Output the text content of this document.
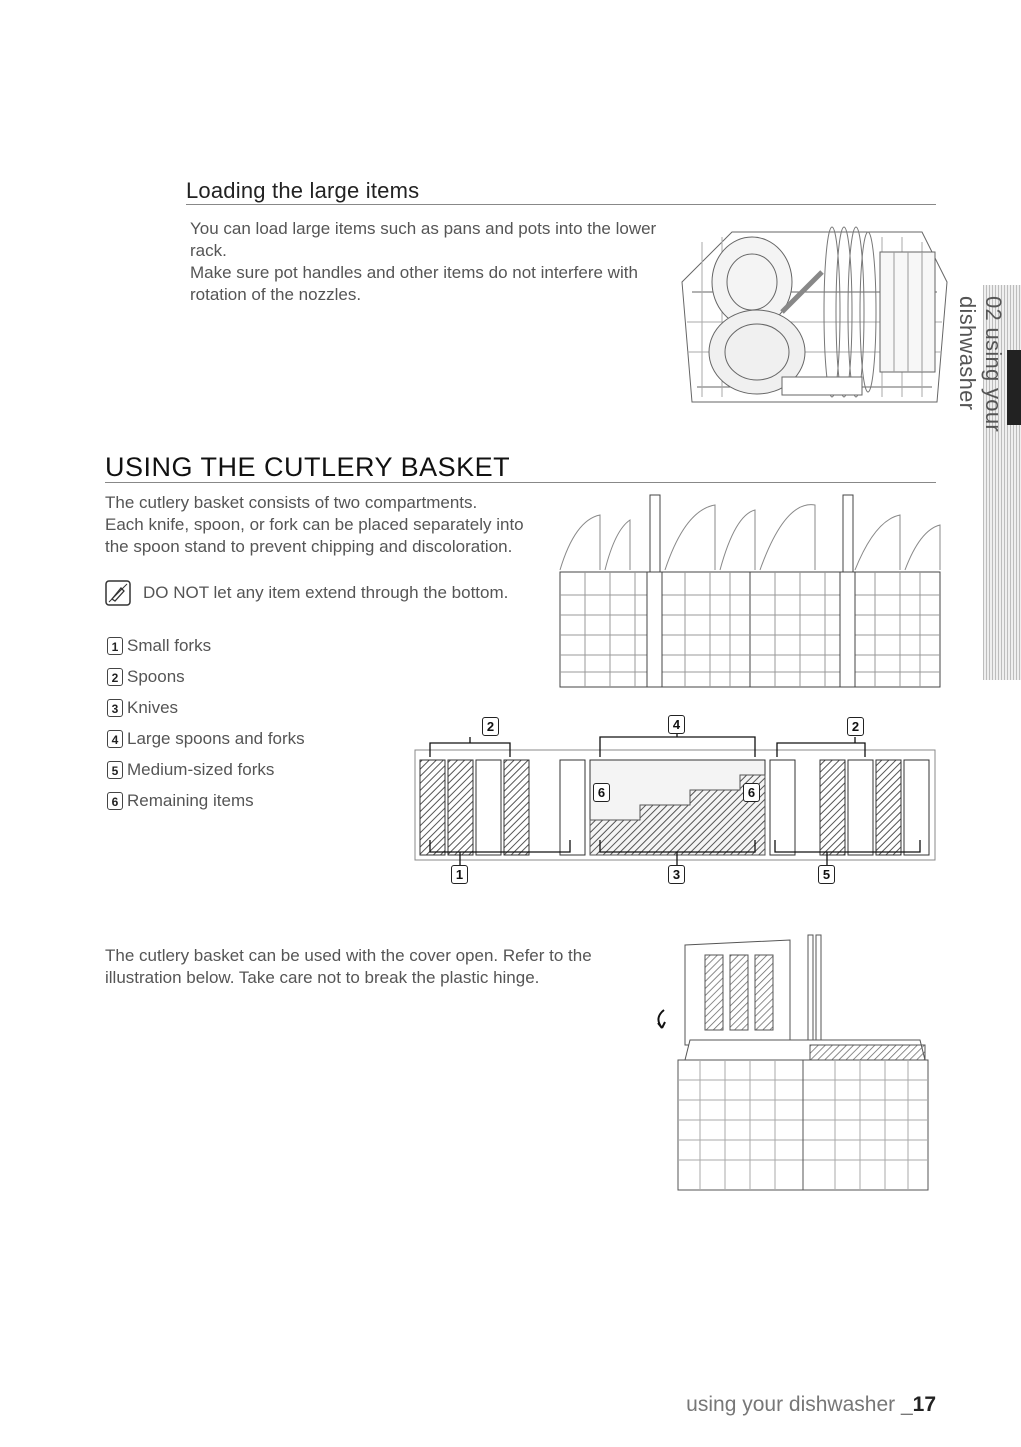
Loading the large items

You can load large items such as pans and pots into the lower

rack.

Make sure pot handles and other items do not interfere with

rotation of the nozzles.

USING THE CUTLERY BASKET

The cutlery basket consists of two compartments.

Each knife, spoon, or fork can be placed separately into

the spoon stand to prevent chipping and discoloration.

DO NOT let any item extend through the bottom.
1 Small forks
2 Spoons
3 Knives
4 Large spoons and forks
5 Medium-sized forks
6 Remaining items
2	4	2
6	6
1	3	5

The cutlery basket can be used with the cover open. Refer to the

illustration below. Take care not to break the plastic hinge.

02 using your dishwasher
using your dishwasher _17
